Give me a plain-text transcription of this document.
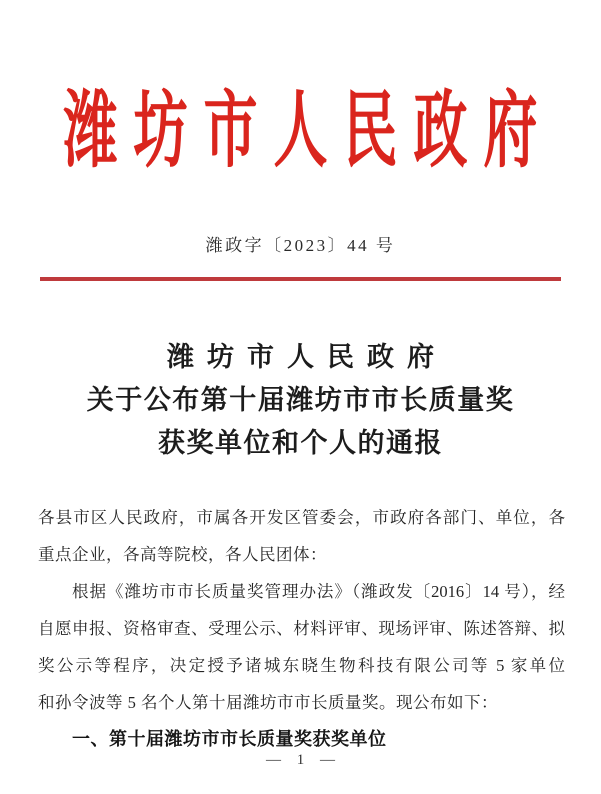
潍坊市人民政府
潍政字〔2023〕44 号
潍坊市人民政府
关于公布第十届潍坊市市长质量奖
获奖单位和个人的通报
各县市区人民政府，市属各开发区管委会，市政府各部门、单位，各
重点企业，各高等院校，各人民团体：
根据《潍坊市市长质量奖管理办法》（潍政发〔2016〕14 号），经
自愿申报、资格审查、受理公示、材料评审、现场评审、陈述答辩、拟
奖公示等程序，决定授予诸城东晓生物科技有限公司等 5 家单位
和孙令波等 5 名个人第十届潍坊市市长质量奖。现公布如下：
一、第十届潍坊市市长质量奖获奖单位
— 1 —
